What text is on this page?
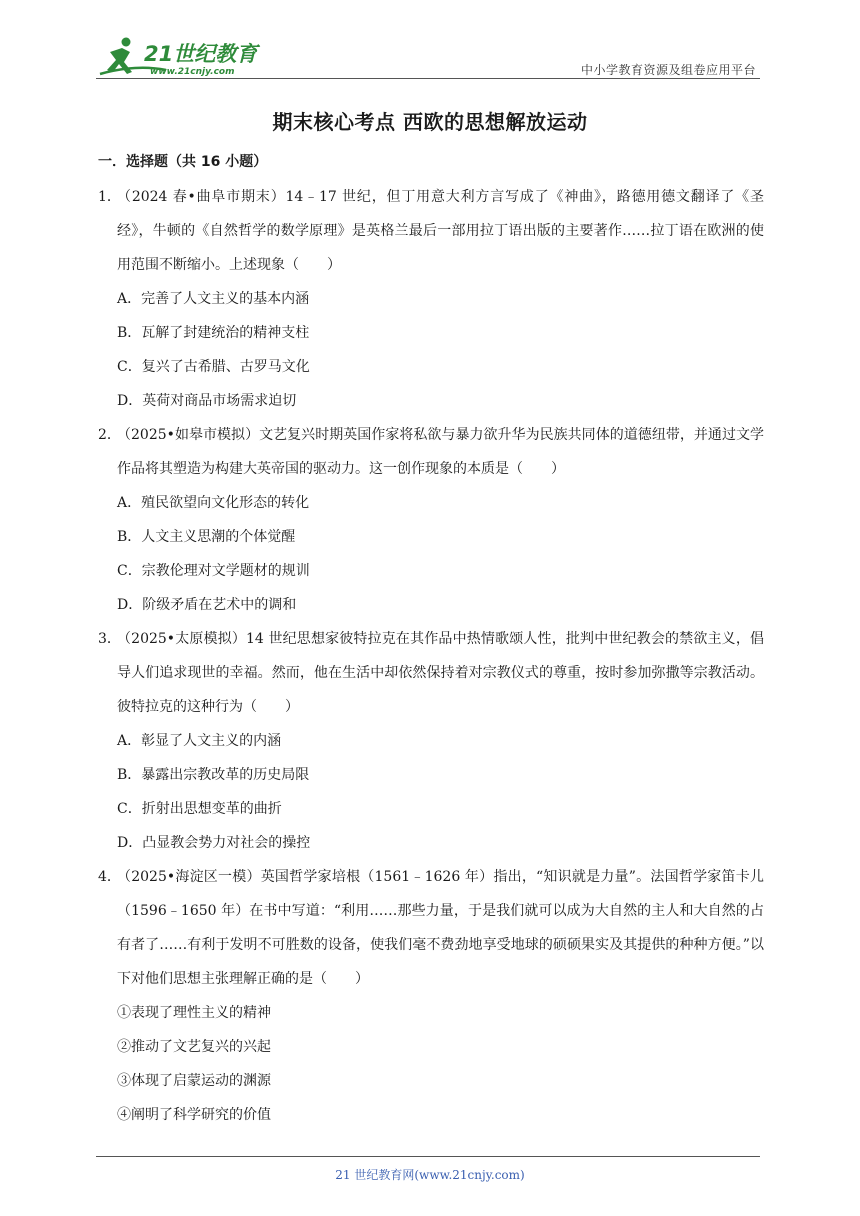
21世纪教育
www.21cnjy.com	中小学教育资源及组卷应用平台
期末核心考点 西欧的思想解放运动
一．选择题（共 16 小题）
1．
（2024 春•曲阜市期末）14﹣17 世纪，但丁用意大利方言写成了《神曲》，路德用德文翻译了《圣经》，牛顿的《自然哲学的数学原理》是英格兰最后一部用拉丁语出版的主要著作……拉丁语在欧洲的使用范围不断缩小。上述现象（　　）
A．完善了人文主义的基本内涵
B．瓦解了封建统治的精神支柱
C．复兴了古希腊、古罗马文化
D．英荷对商品市场需求迫切
2．
（2025•如皋市模拟）文艺复兴时期英国作家将私欲与暴力欲升华为民族共同体的道德纽带，并通过文学作品将其塑造为构建大英帝国的驱动力。这一创作现象的本质是（　　）
A．殖民欲望向文化形态的转化
B．人文主义思潮的个体觉醒
C．宗教伦理对文学题材的规训
D．阶级矛盾在艺术中的调和
3．
（2025•太原模拟）14 世纪思想家彼特拉克在其作品中热情歌颂人性，批判中世纪教会的禁欲主义，倡导人们追求现世的幸福。然而，他在生活中却依然保持着对宗教仪式的尊重，按时参加弥撒等宗教活动。彼特拉克的这种行为（　　）
A．彰显了人文主义的内涵
B．暴露出宗教改革的历史局限
C．折射出思想变革的曲折
D．凸显教会势力对社会的操控
4．
（2025•海淀区一模）英国哲学家培根（1561﹣1626 年）指出，“知识就是力量”。法国哲学家笛卡儿（1596﹣1650 年）在书中写道：“利用……那些力量，于是我们就可以成为大自然的主人和大自然的占有者了……有利于发明不可胜数的设备，使我们毫不费劲地享受地球的硕硕果实及其提供的种种方便。”以下对他们思想主张理解正确的是（　　）
①表现了理性主义的精神
②推动了文艺复兴的兴起
③体现了启蒙运动的渊源
④阐明了科学研究的价值
21 世纪教育网(www.21cnjy.com)
